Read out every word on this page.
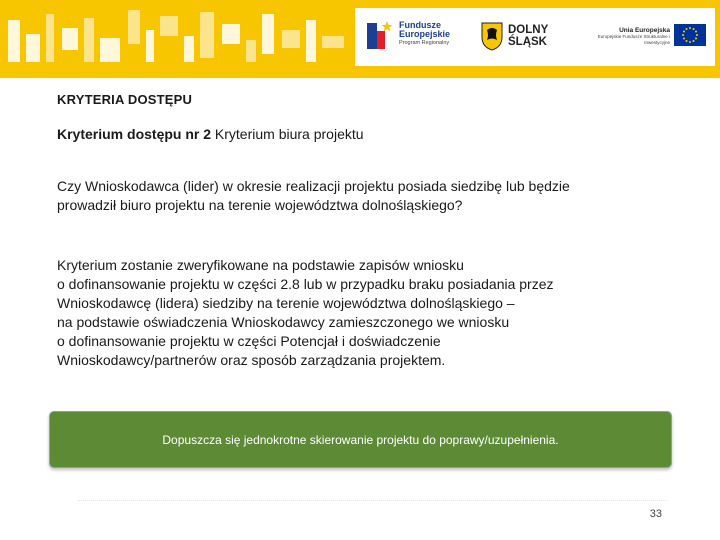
Fundusze
Europejskie
Program Regionalny
DOLNY
ŚLĄSK
Unia Europejska
Europejskie Fundusze Strukturalne i Inwestycyjne
KRYTERIA DOSTĘPU
Kryterium dostępu nr 2 Kryterium biura projektu
Czy Wnioskodawca (lider) w okresie realizacji projektu posiada siedzibę lub będzie
prowadził biuro projektu na terenie województwa dolnośląskiego?
Kryterium zostanie zweryfikowane na podstawie zapisów wniosku
o dofinansowanie projektu w części 2.8 lub w przypadku braku posiadania przez
Wnioskodawcę (lidera) siedziby na terenie województwa dolnośląskiego –
na podstawie oświadczenia Wnioskodawcy zamieszczonego we wniosku
o dofinansowanie projektu w części Potencjał i doświadczenie
Wnioskodawcy/partnerów oraz sposób zarządzania projektem.
Dopuszcza się jednokrotne skierowanie projektu do poprawy/uzupełnienia.
33
